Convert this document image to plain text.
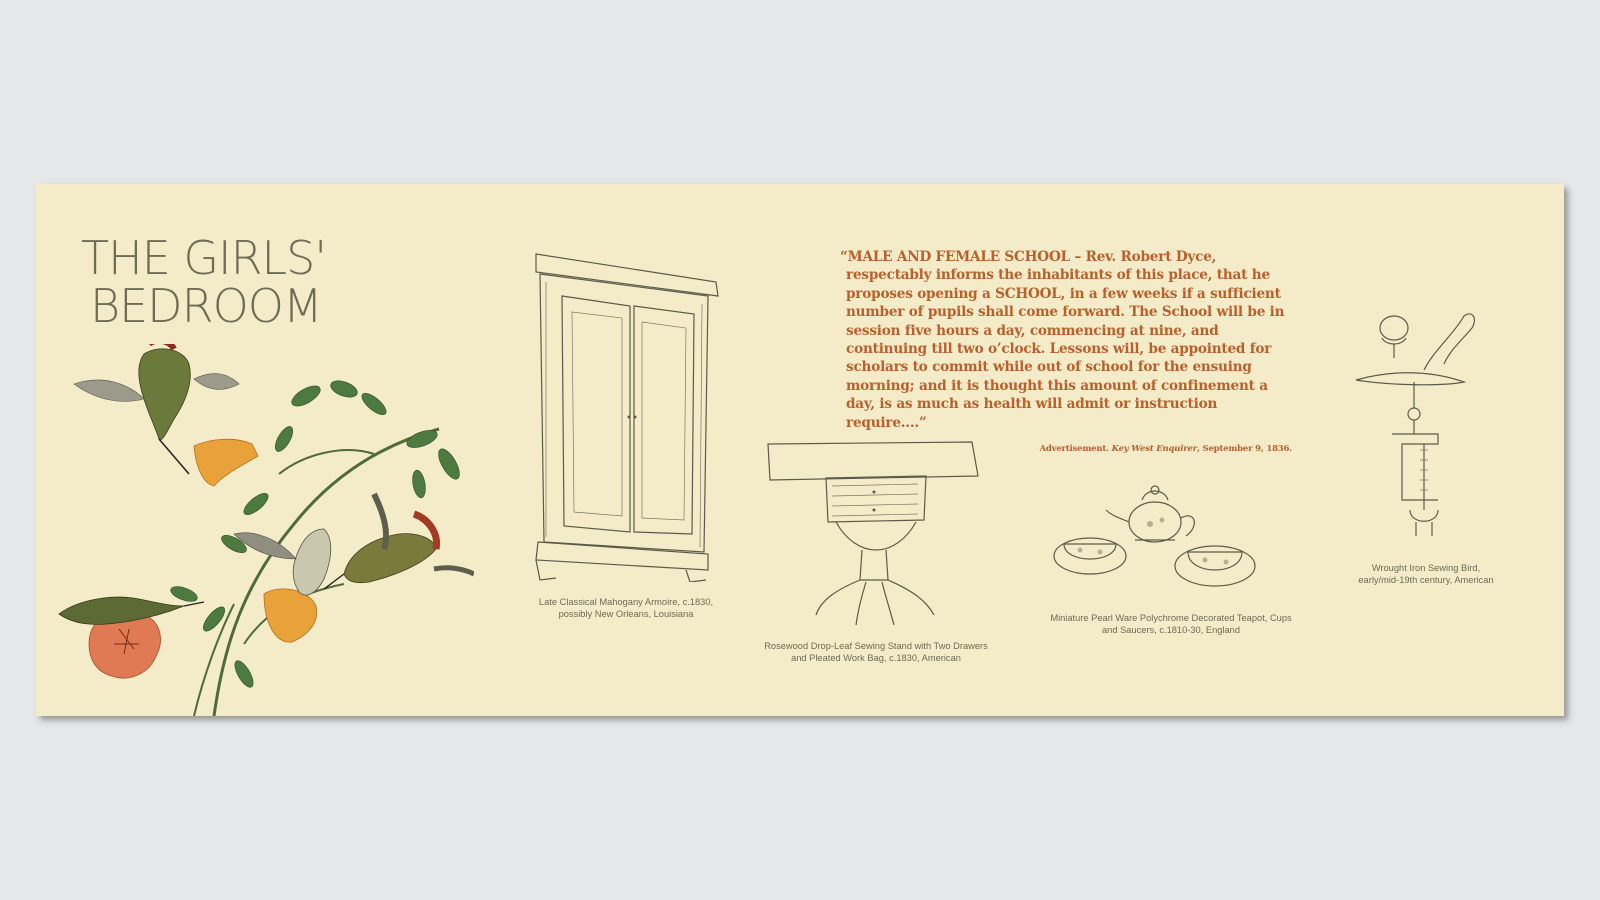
THE GIRLS'
BEDROOM
Late Classical Mahogany Armoire, c.1830,
possibly New Orleans, Louisiana
Rosewood Drop-Leaf Sewing Stand with Two Drawers
and Pleated Work Bag, c.1830, American
Miniature Pearl Ware Polychrome Decorated Teapot, Cups
and Saucers, c.1810-30, England
Wrought Iron Sewing Bird,
early/mid-19th century, American
“MALE AND FEMALE SCHOOL – Rev. Robert Dyce, respectably informs the inhabitants of this place, that he proposes opening a SCHOOL, in a few weeks if a sufficient number of pupils shall come forward. The School will be in session five hours a day, commencing at nine, and continuing till two o’clock. Lessons will, be appointed for scholars to commit while out of school for the ensuing morning; and it is thought this amount of confinement a day, is as much as health will admit or instruction require....”
Advertisement. Key West Enquirer, September 9, 1836.
